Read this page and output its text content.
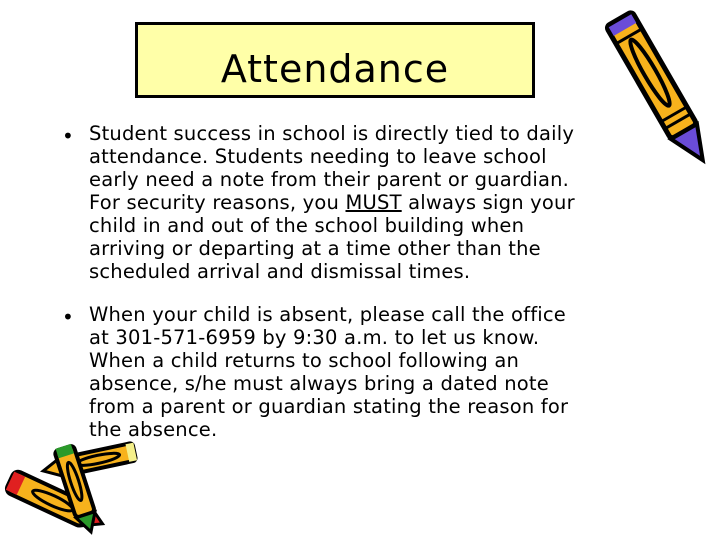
Attendance
• Student success in school is directly tied to daily
attendance. Students needing to leave school
early need a note from their parent or guardian.
For security reasons, you MUST always sign your
child in and out of the school building when
arriving or departing at a time other than the
scheduled arrival and dismissal times.
• When your child is absent, please call the office
at 301-571-6959 by 9:30 a.m. to let us know.
When a child returns to school following an
absence, s/he must always bring a dated note
from a parent or guardian stating the reason for
the absence.
